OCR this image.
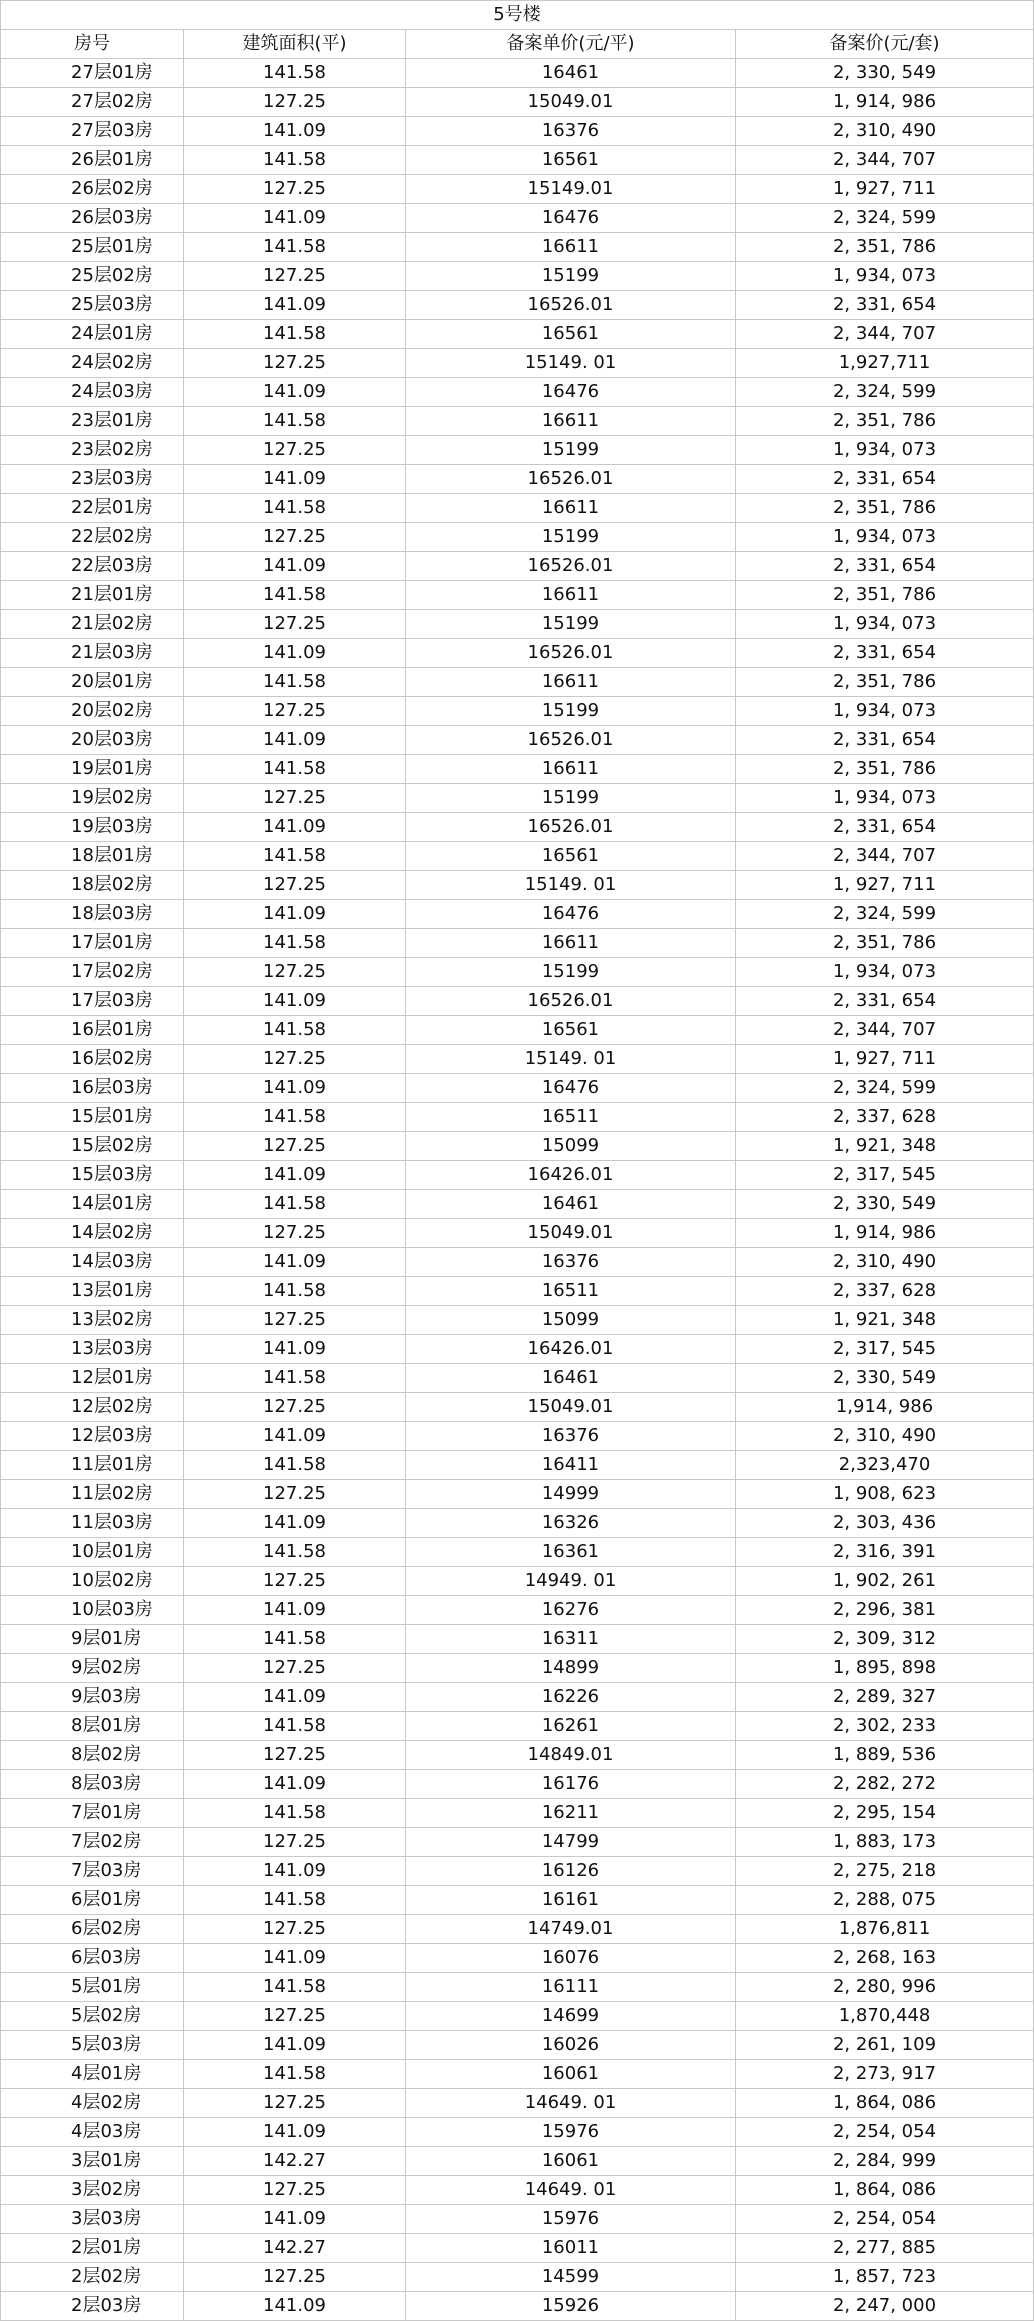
5号楼			
房号	建筑面积(平)	备案单价(元/平)	备案价(元/套)
27层01房	141.58	16461	2, 330, 549
27层02房	127.25	15049.01	1, 914, 986
27层03房	141.09	16376	2, 310, 490
26层01房	141.58	16561	2, 344, 707
26层02房	127.25	15149.01	1, 927, 711
26层03房	141.09	16476	2, 324, 599
25层01房	141.58	16611	2, 351, 786
25层02房	127.25	15199	1, 934, 073
25层03房	141.09	16526.01	2, 331, 654
24层01房	141.58	16561	2, 344, 707
24层02房	127.25	15149. 01	1,927,711
24层03房	141.09	16476	2, 324, 599
23层01房	141.58	16611	2, 351, 786
23层02房	127.25	15199	1, 934, 073
23层03房	141.09	16526.01	2, 331, 654
22层01房	141.58	16611	2, 351, 786
22层02房	127.25	15199	1, 934, 073
22层03房	141.09	16526.01	2, 331, 654
21层01房	141.58	16611	2, 351, 786
21层02房	127.25	15199	1, 934, 073
21层03房	141.09	16526.01	2, 331, 654
20层01房	141.58	16611	2, 351, 786
20层02房	127.25	15199	1, 934, 073
20层03房	141.09	16526.01	2, 331, 654
19层01房	141.58	16611	2, 351, 786
19层02房	127.25	15199	1, 934, 073
19层03房	141.09	16526.01	2, 331, 654
18层01房	141.58	16561	2, 344, 707
18层02房	127.25	15149. 01	1, 927, 711
18层03房	141.09	16476	2, 324, 599
17层01房	141.58	16611	2, 351, 786
17层02房	127.25	15199	1, 934, 073
17层03房	141.09	16526.01	2, 331, 654
16层01房	141.58	16561	2, 344, 707
16层02房	127.25	15149. 01	1, 927, 711
16层03房	141.09	16476	2, 324, 599
15层01房	141.58	16511	2, 337, 628
15层02房	127.25	15099	1, 921, 348
15层03房	141.09	16426.01	2, 317, 545
14层01房	141.58	16461	2, 330, 549
14层02房	127.25	15049.01	1, 914, 986
14层03房	141.09	16376	2, 310, 490
13层01房	141.58	16511	2, 337, 628
13层02房	127.25	15099	1, 921, 348
13层03房	141.09	16426.01	2, 317, 545
12层01房	141.58	16461	2, 330, 549
12层02房	127.25	15049.01	1,914, 986
12层03房	141.09	16376	2, 310, 490
11层01房	141.58	16411	2,323,470
11层02房	127.25	14999	1, 908, 623
11层03房	141.09	16326	2, 303, 436
10层01房	141.58	16361	2, 316, 391
10层02房	127.25	14949. 01	1, 902, 261
10层03房	141.09	16276	2, 296, 381
9层01房	141.58	16311	2, 309, 312
9层02房	127.25	14899	1, 895, 898
9层03房	141.09	16226	2, 289, 327
8层01房	141.58	16261	2, 302, 233
8层02房	127.25	14849.01	1, 889, 536
8层03房	141.09	16176	2, 282, 272
7层01房	141.58	16211	2, 295, 154
7层02房	127.25	14799	1, 883, 173
7层03房	141.09	16126	2, 275, 218
6层01房	141.58	16161	2, 288, 075
6层02房	127.25	14749.01	1,876,811
6层03房	141.09	16076	2, 268, 163
5层01房	141.58	16111	2, 280, 996
5层02房	127.25	14699	1,870,448
5层03房	141.09	16026	2, 261, 109
4层01房	141.58	16061	2, 273, 917
4层02房	127.25	14649. 01	1, 864, 086
4层03房	141.09	15976	2, 254, 054
3层01房	142.27	16061	2, 284, 999
3层02房	127.25	14649. 01	1, 864, 086
3层03房	141.09	15976	2, 254, 054
2层01房	142.27	16011	2, 277, 885
2层02房	127.25	14599	1, 857, 723
2层03房	141.09	15926	2, 247, 000
